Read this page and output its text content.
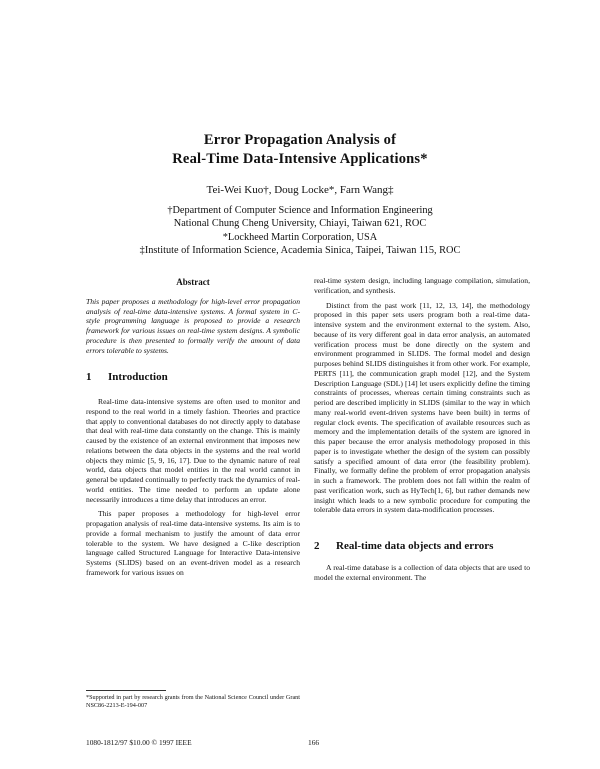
Error Propagation Analysis of
Real-Time Data-Intensive Applications*
Tei-Wei Kuo†, Doug Locke*, Farn Wang‡
†Department of Computer Science and Information Engineering
National Chung Cheng University, Chiayi, Taiwan 621, ROC
*Lockheed Martin Corporation, USA
‡Institute of Information Science, Academia Sinica, Taipei, Taiwan 115, ROC
Abstract
This paper proposes a methodology for high-level error propagation analysis of real-time data-intensive systems. A formal system in C-style programming language is proposed to provide a research framework for various issues on real-time system designs. A symbolic procedure is then presented to formally verify the amount of data errors tolerable to systems.
1 Introduction

Real-time data-intensive systems are often used to monitor and respond to the real world in a timely fashion. Theories and practice that apply to conventional databases do not directly apply to database that deal with real-time data constantly on the change. This is mainly caused by the existence of an external environment that imposes new relations between the data objects in the systems and the real world objects they mimic [5, 9, 16, 17]. Due to the dynamic nature of real world, data objects that model entities in the real world cannot in general be updated continually to perfectly track the dynamics of real-world entities. The time needed to perform an update alone necessarily introduces a time delay that introduces an error.

This paper proposes a methodology for high-level error propagation analysis of real-time data-intensive systems. Its aim is to provide a formal mechanism to justify the amount of data error tolerable to the system. We have designed a C-like description language called Structured Language for Interactive Data-intensive Systems (SLIDS) based on an event-driven model as a research framework for various issues on

*Supported in part by research grants from the National Science Council under Grant NSC86-2213-E-194-007

real-time system design, including language compilation, simulation, verification, and synthesis.

Distinct from the past work [11, 12, 13, 14], the methodology proposed in this paper sets users program both a real-time data-intensive system and the environment external to the system. Also, because of its very different goal in data error analysis, an automated verification process must be done directly on the system and environment programmed in SLIDS. The formal model and design purposes behind SLIDS distinguishes it from other work. For example, PERTS [11], the communication graph model [12], and the System Description Language (SDL) [14] let users explicitly define the timing constraints of processes, whereas certain timing constraints such as period are described implicitly in SLIDS (similar to the way in which many real-world event-driven systems have been built) in terms of regular clock events. The specification of available resources such as memory and the implementation details of the system are ignored in this paper because the error analysis methodology proposed in this paper is to investigate whether the design of the system can possibly satisfy a specified amount of data error (the feasibility problem). Finally, we formally define the problem of error propagation analysis in such a framework. The problem does not fall within the realm of past verification work, such as HyTech[1, 6], but rather demands new insight which leads to a new symbolic procedure for computing the tolerable data errors in system data-modification processes.

2 Real-time data objects and errors

A real-time database is a collection of data objects that are used to model the external environment. The

1080-1812/97 $10.00 © 1997 IEEE	166
